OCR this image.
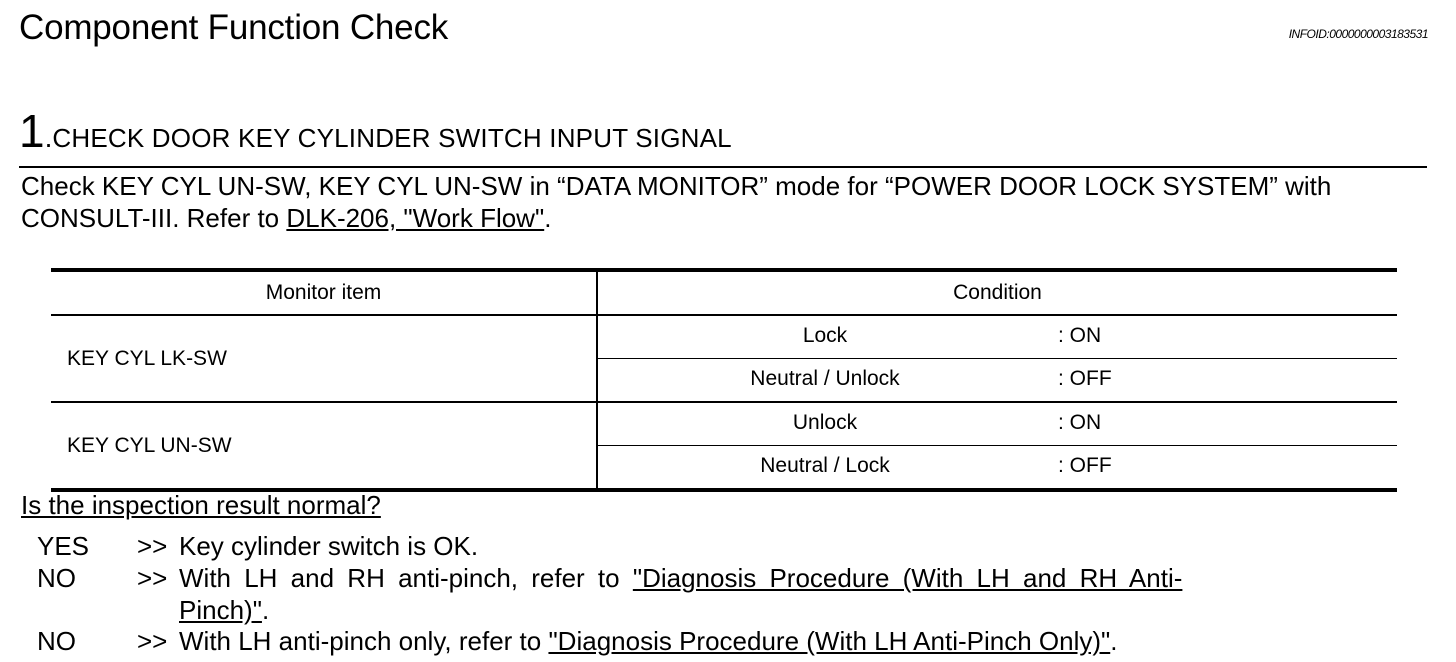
Component Function Check	INFOID:0000000003183531
1.CHECK DOOR KEY CYLINDER SWITCH INPUT SIGNAL
Check KEY CYL UN-SW, KEY CYL UN-SW in “DATA MONITOR” mode for “POWER DOOR LOCK SYSTEM” with CONSULT-III. Refer to DLK-206, "Work Flow".
Monitor item	Condition
KEY CYL LK-SW	Lock : ON

	Neutral / Unlock : OFF

KEY CYL UN-SW	Unlock : ON

	Neutral / Lock : OFF
Is the inspection result normal?
YES >> Key cylinder switch is OK.
NO >> With LH and RH anti-pinch, refer to "Diagnosis Procedure (With LH and RH Anti-
Pinch)".
NO >> With LH anti-pinch only, refer to "Diagnosis Procedure (With LH Anti-Pinch Only)".
